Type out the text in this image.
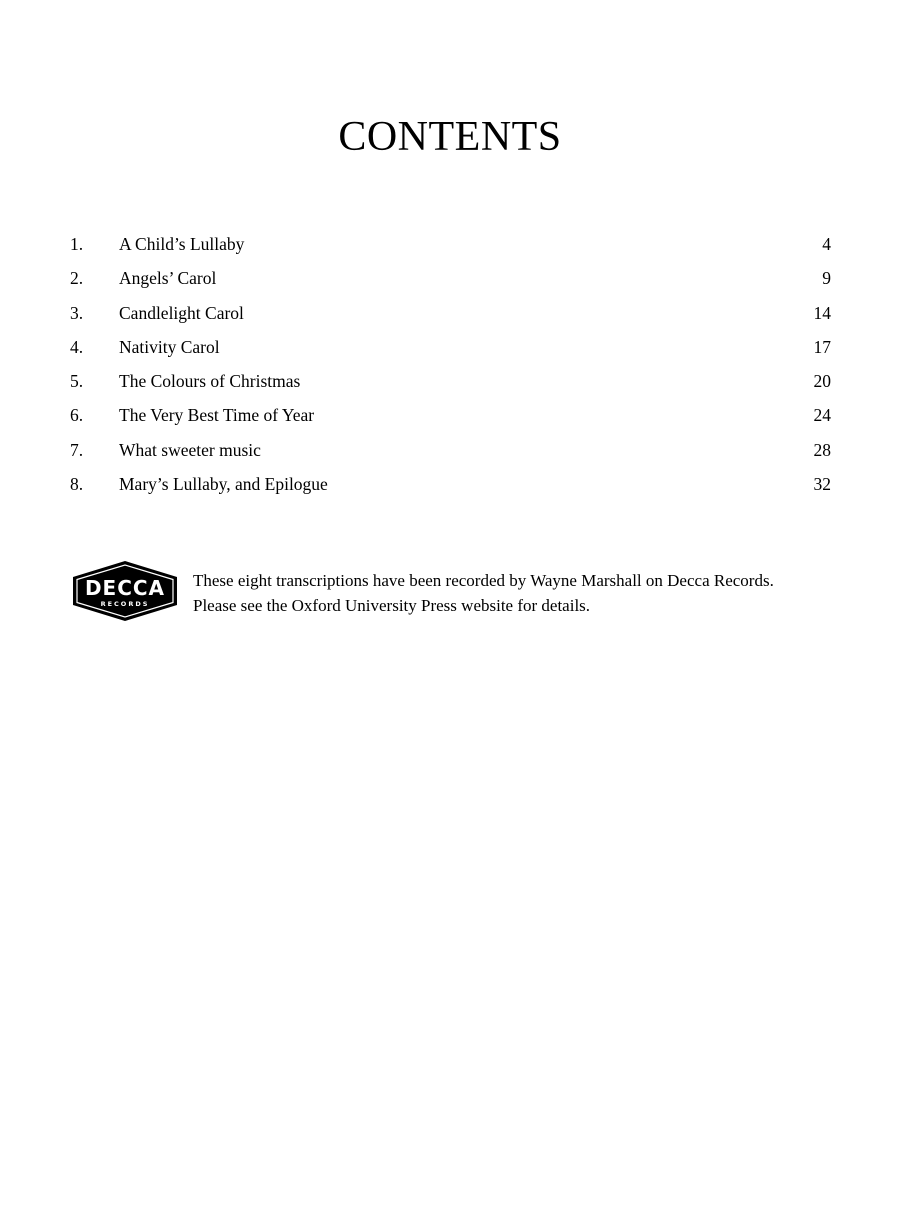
CONTENTS
1.	A Child’s Lullaby	4
2.	Angels’ Carol	9
3.	Candlelight Carol	14
4.	Nativity Carol	17
5.	The Colours of Christmas	20
6.	The Very Best Time of Year	24
7.	What sweeter music	28
8.	Mary’s Lullaby, and Epilogue	32
DECCA
RECORDS
These eight transcriptions have been recorded by Wayne Marshall on Decca Records.
Please see the Oxford University Press website for details.
